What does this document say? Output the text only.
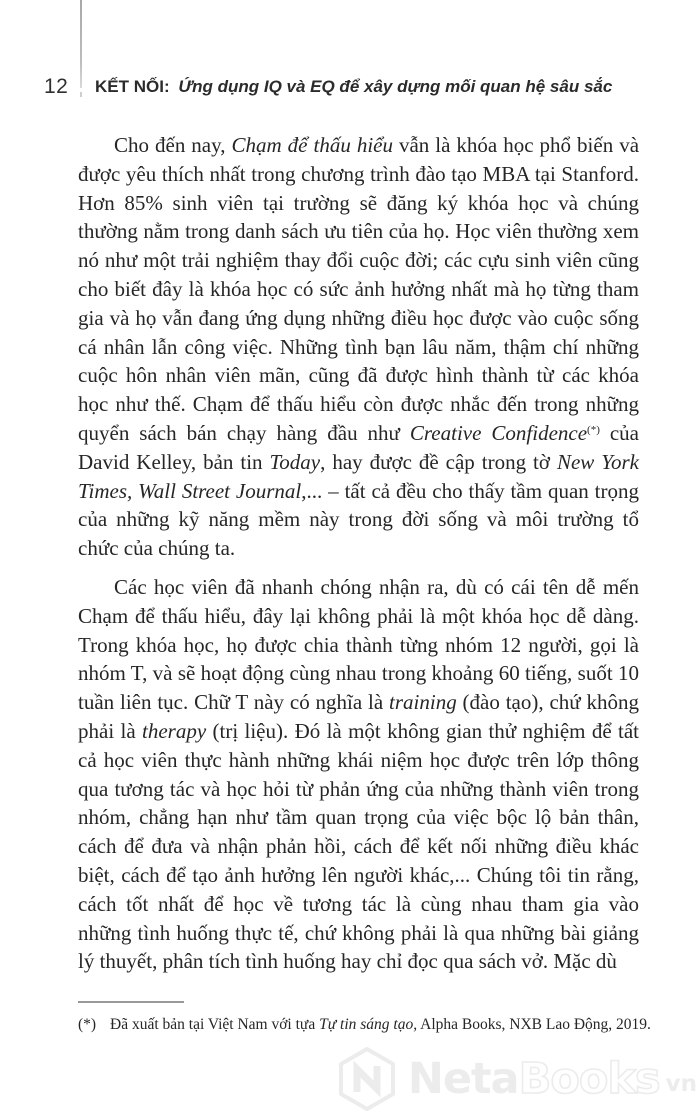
12 KẾT NỐI: Ứng dụng IQ và EQ để xây dựng mối quan hệ sâu sắc

Cho đến nay, Chạm để thấu hiểu vẫn là khóa học phổ biến và được yêu thích nhất trong chương trình đào tạo MBA tại Stanford. Hơn 85% sinh viên tại trường sẽ đăng ký khóa học và chúng thường nằm trong danh sách ưu tiên của họ. Học viên thường xem nó như một trải nghiệm thay đổi cuộc đời; các cựu sinh viên cũng cho biết đây là khóa học có sức ảnh hưởng nhất mà họ từng tham gia và họ vẫn đang ứng dụng những điều học được vào cuộc sống cá nhân lẫn công việc. Những tình bạn lâu năm, thậm chí những cuộc hôn nhân viên mãn, cũng đã được hình thành từ các khóa học như thế. Chạm để thấu hiểu còn được nhắc đến trong những quyển sách bán chạy hàng đầu như Creative Confidence(*) của David Kelley, bản tin Today, hay được đề cập trong tờ New York Times, Wall Street Journal,... – tất cả đều cho thấy tầm quan trọng của những kỹ năng mềm này trong đời sống và môi trường tổ chức của chúng ta.

Các học viên đã nhanh chóng nhận ra, dù có cái tên dễ mến Chạm để thấu hiểu, đây lại không phải là một khóa học dễ dàng. Trong khóa học, họ được chia thành từng nhóm 12 người, gọi là nhóm T, và sẽ hoạt động cùng nhau trong khoảng 60 tiếng, suốt 10 tuần liên tục. Chữ T này có nghĩa là training (đào tạo), chứ không phải là therapy (trị liệu). Đó là một không gian thử nghiệm để tất cả học viên thực hành những khái niệm học được trên lớp thông qua tương tác và học hỏi từ phản ứng của những thành viên trong nhóm, chẳng hạn như tầm quan trọng của việc bộc lộ bản thân, cách để đưa và nhận phản hồi, cách để kết nối những điều khác biệt, cách để tạo ảnh hưởng lên người khác,... Chúng tôi tin rằng, cách tốt nhất để học về tương tác là cùng nhau tham gia vào những tình huống thực tế, chứ không phải là qua những bài giảng lý thuyết, phân tích tình huống hay chỉ đọc qua sách vở. Mặc dù

(*) Đã xuất bản tại Việt Nam với tựa Tự tin sáng tạo, Alpha Books, NXB Lao Động, 2019.
Neta Books vn
